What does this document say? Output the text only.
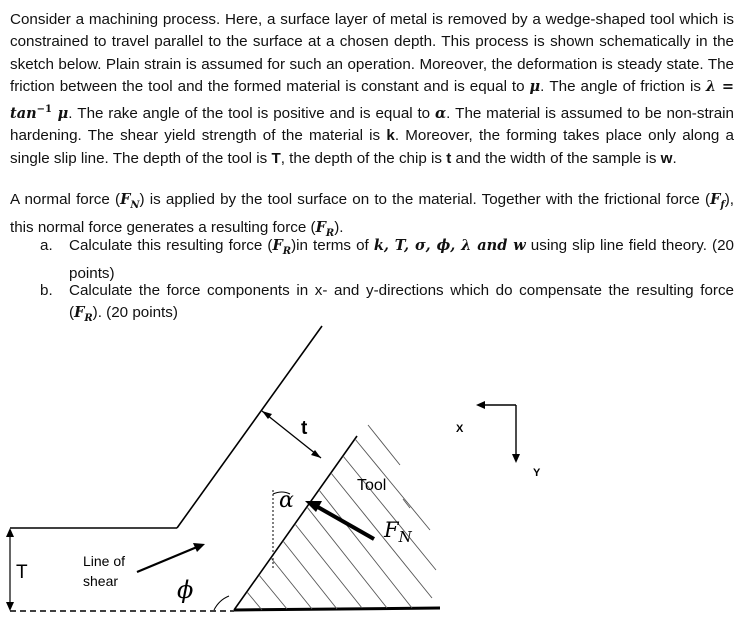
Consider a machining process. Here, a surface layer of metal is removed by a wedge-shaped tool which is constrained to travel parallel to the surface at a chosen depth. This process is shown schematically in the sketch below. Plain strain is assumed for such an operation. Moreover, the deformation is steady state. The friction between the tool and the formed material is constant and is equal to μ. The angle of friction is $\lambda = \tan^{-1} \mu$. The rake angle of the tool is positive and is equal to α. The material is assumed to be non-strain hardening. The shear yield strength of the material is k. Moreover, the forming takes place only along a single slip line. The depth of the tool is T, the depth of the chip is t and the width of the sample is w.
A normal force $(F_N)$ is applied by the tool surface on to the material. Together with the frictional force $(F_f)$, this normal force generates a resulting force $(F_R)$.
a. Calculate this resulting force $(F_R)in$ terms of k, T, σ, ϕ, λ and w using slip line field theory. (20 points)
b. Calculate the force components in x- and y-directions which do compensate the resulting force $(F_R)$. (20 points)
t
α
$F_N$
Tool
Line of
shear ϕ
T
X
Y
